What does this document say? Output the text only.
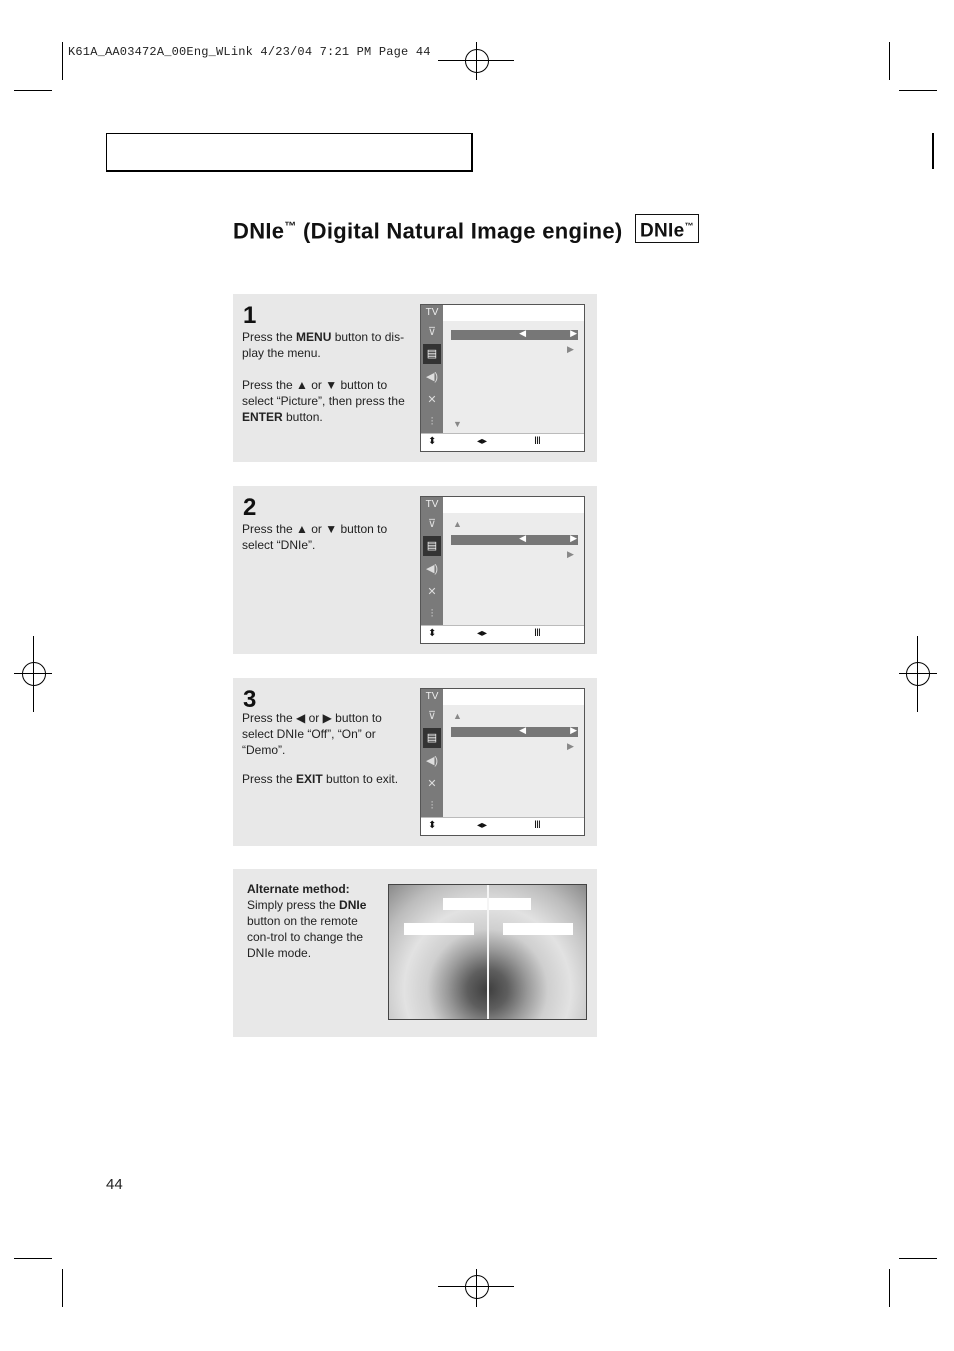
K61A_AA03472A_00Eng_WLink 4/23/04 7:21 PM Page 44
DNIe™ (Digital Natural Image engine) DNIe™
1

Press the MENU button to dis-play the menu.

Press the ▲ or ▼ button to select “Picture”, then press the ENTER button.

TV
⊽
▤
◀)
✕
⫶
◀	▶
▶
▼
⬍	◂▸	Ⅲ
2

Press the ▲ or ▼ button to select “DNIe”.

TV
⊽
▤
◀)
✕
⫶
▲
◀	▶
▶
⬍	◂▸	Ⅲ
3

Press the ◀ or ▶ button to select DNIe “Off”, “On” or “Demo”.

Press the EXIT button to exit.

TV
⊽
▤
◀)
✕
⫶
▲
◀	▶
▶
⬍	◂▸	Ⅲ
Alternate method:
Simply press the DNIe button on the remote con-trol to change the DNIe mode.
44
